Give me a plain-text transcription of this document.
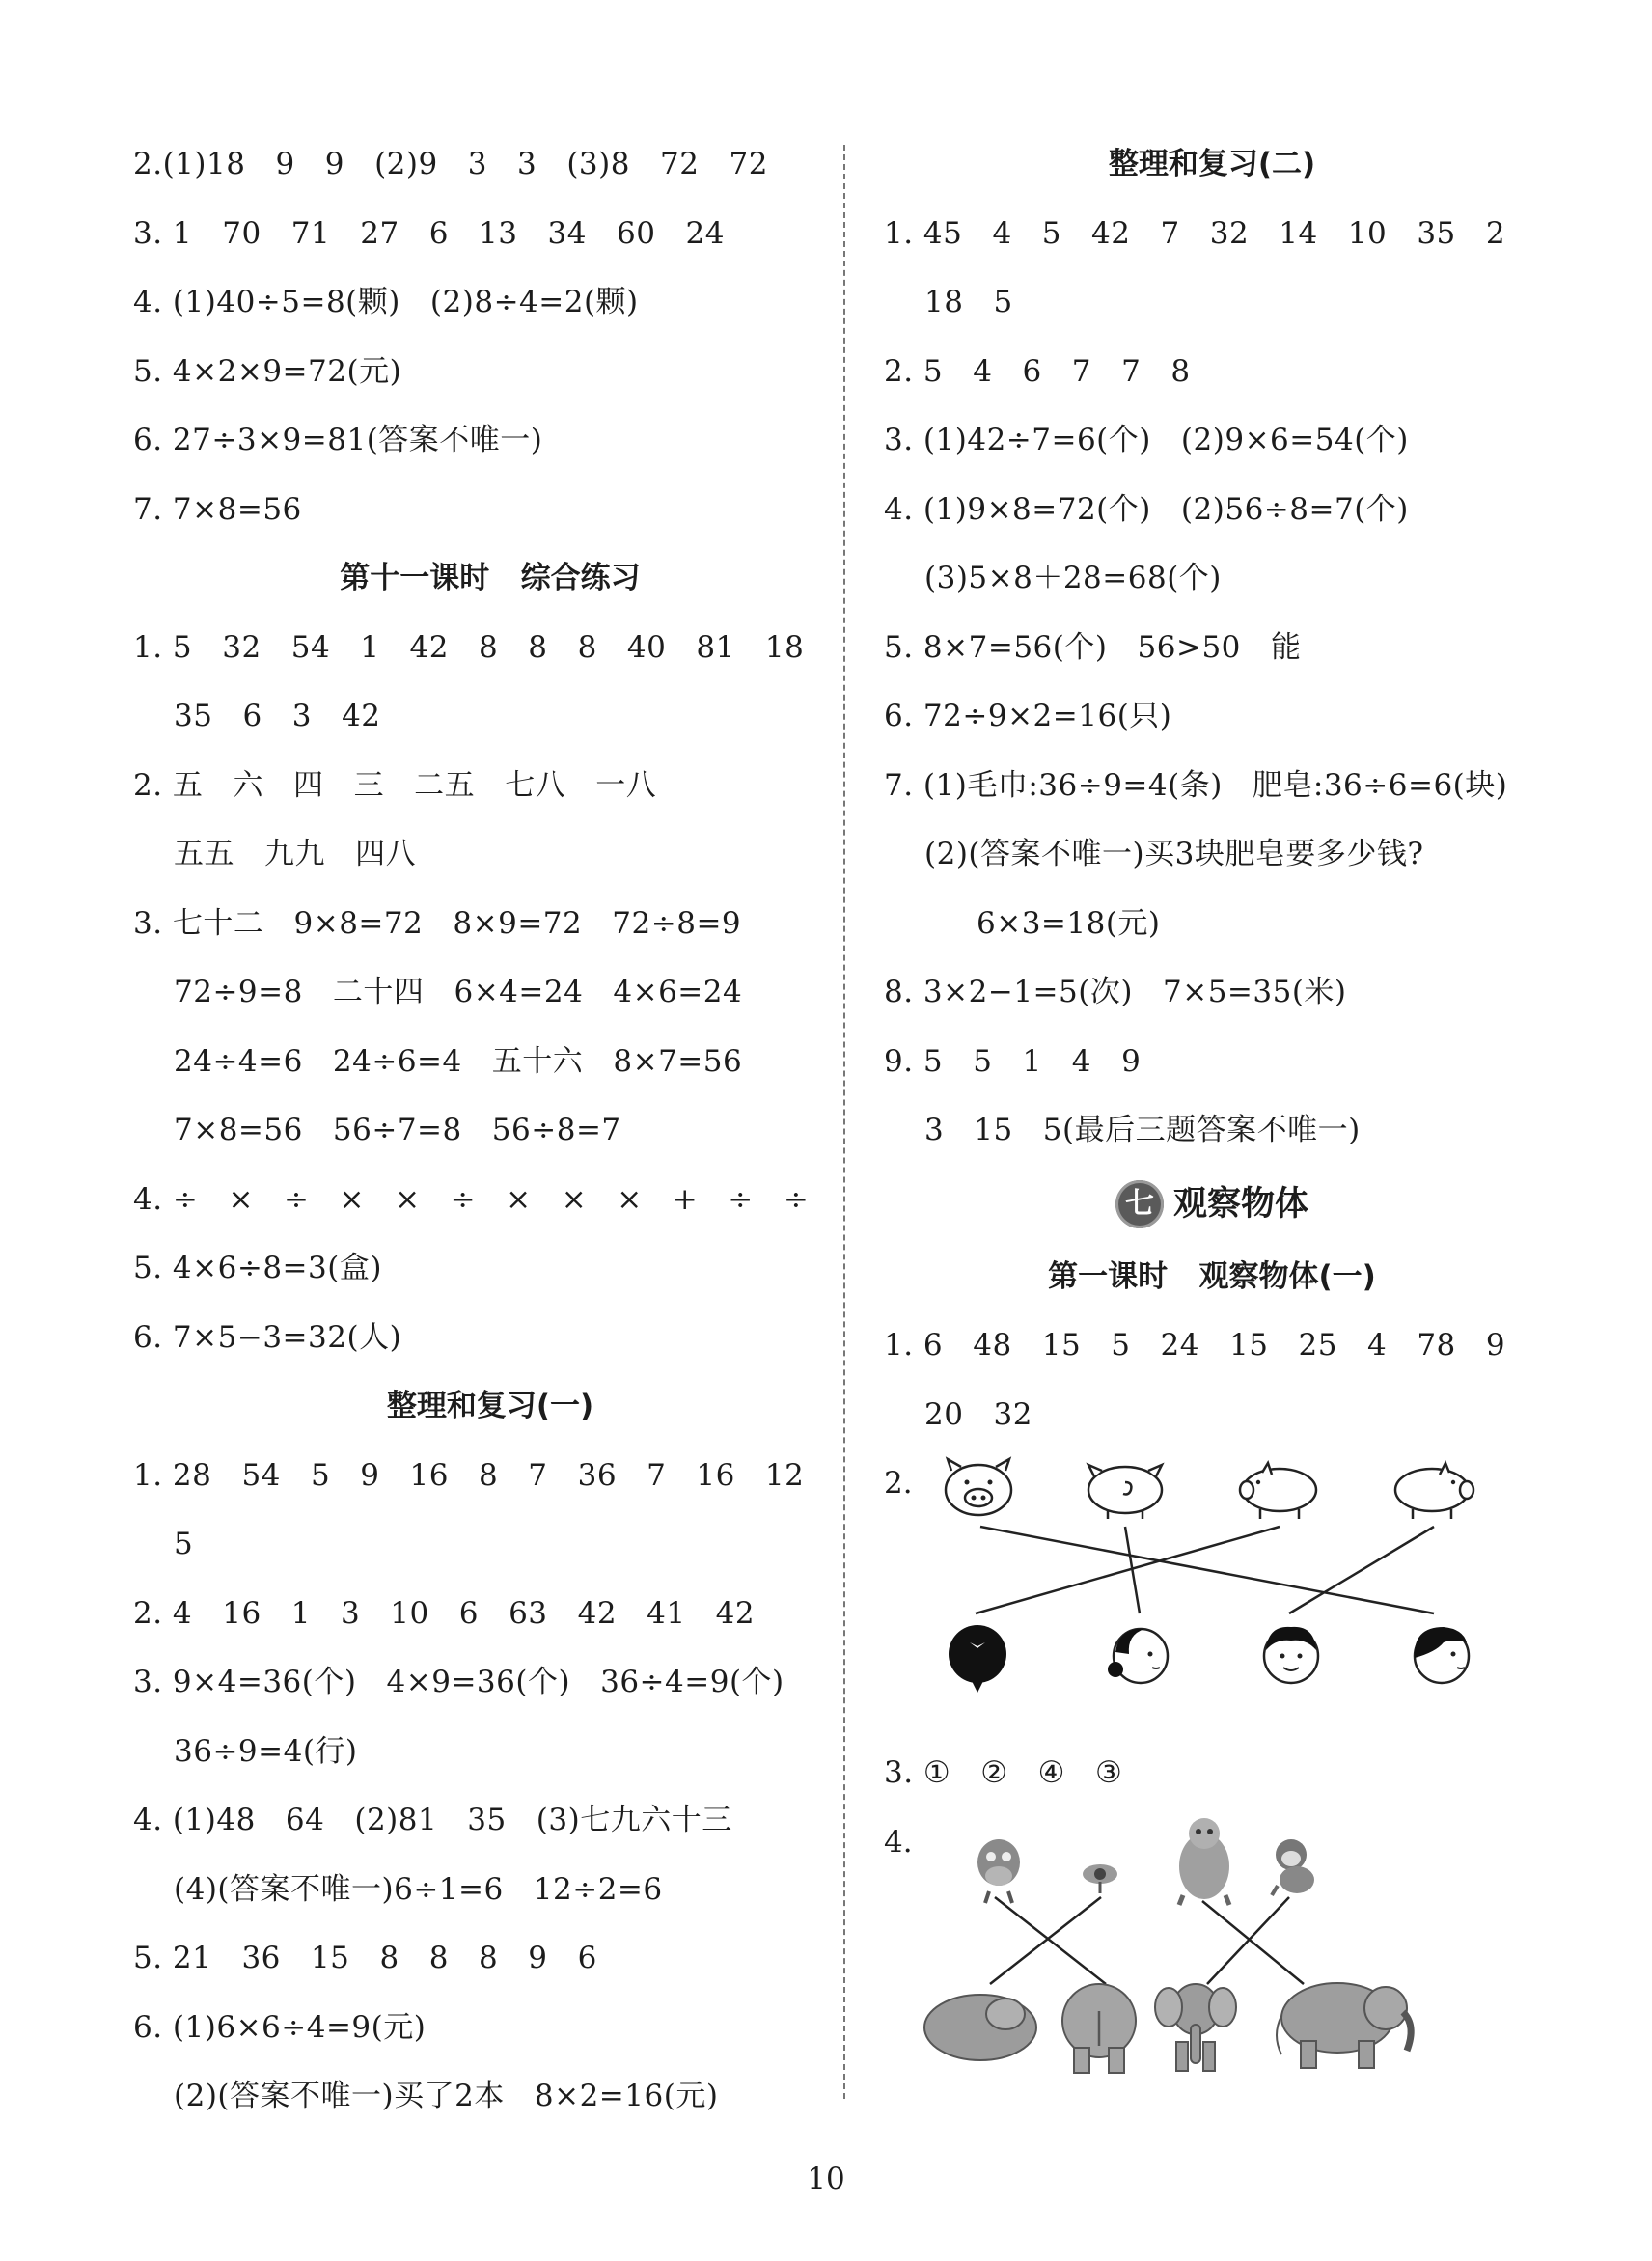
2.(1)18   9   9   (2)9   3   3   (3)8   72   72
3. 1   70   71   27   6   13   34   60   24
4. (1)40÷5=8(颗)   (2)8÷4=2(颗)
5. 4×2×9=72(元)
6. 27÷3×9=81(答案不唯一)
7. 7×8=56
第十一课时   综合练习
1. 5   32   54   1   42   8   8   8   40   81   18
35   6   3   42
2. 五   六   四   三   二五   七八   一八
五五   九九   四八
3. 七十二   9×8=72   8×9=72   72÷8=9
72÷9=8   二十四   6×4=24   4×6=24
24÷4=6   24÷6=4   五十六   8×7=56
7×8=56   56÷7=8   56÷8=7
4. ÷   ×   ÷   ×   ×   ÷   ×   ×   ×   +   ÷   ÷
5. 4×6÷8=3(盒)
6. 7×5−3=32(人)
整理和复习(一)
1. 28   54   5   9   16   8   7   36   7   16   12
5
2. 4   16   1   3   10   6   63   42   41   42
3. 9×4=36(个)   4×9=36(个)   36÷4=9(个)
36÷9=4(行)
4. (1)48   64   (2)81   35   (3)七九六十三
(4)(答案不唯一)6÷1=6   12÷2=6
5. 21   36   15   8   8   8   9   6
6. (1)6×6÷4=9(元)
(2)(答案不唯一)买了2本   8×2=16(元)
整理和复习(二)
1. 45   4   5   42   7   32   14   10   35   2
18   5
2. 5   4   6   7   7   8
3. (1)42÷7=6(个)   (2)9×6=54(个)
4. (1)9×8=72(个)   (2)56÷8=7(个)
(3)5×8＋28=68(个)
5. 8×7=56(个)   56>50   能
6. 72÷9×2=16(只)
7. (1)毛巾:36÷9=4(条)   肥皂:36÷6=6(块)
(2)(答案不唯一)买3块肥皂要多少钱?
6×3=18(元)
8. 3×2−1=5(次)   7×5=35(米)
9. 5   5   1   4   9
3   15   5(最后三题答案不唯一)
七 观察物体
第一课时   观察物体(一)
1. 6   48   15   5   24   15   25   4   78   9
20   32
2.
3. ①   ②   ④   ③
4.
10
